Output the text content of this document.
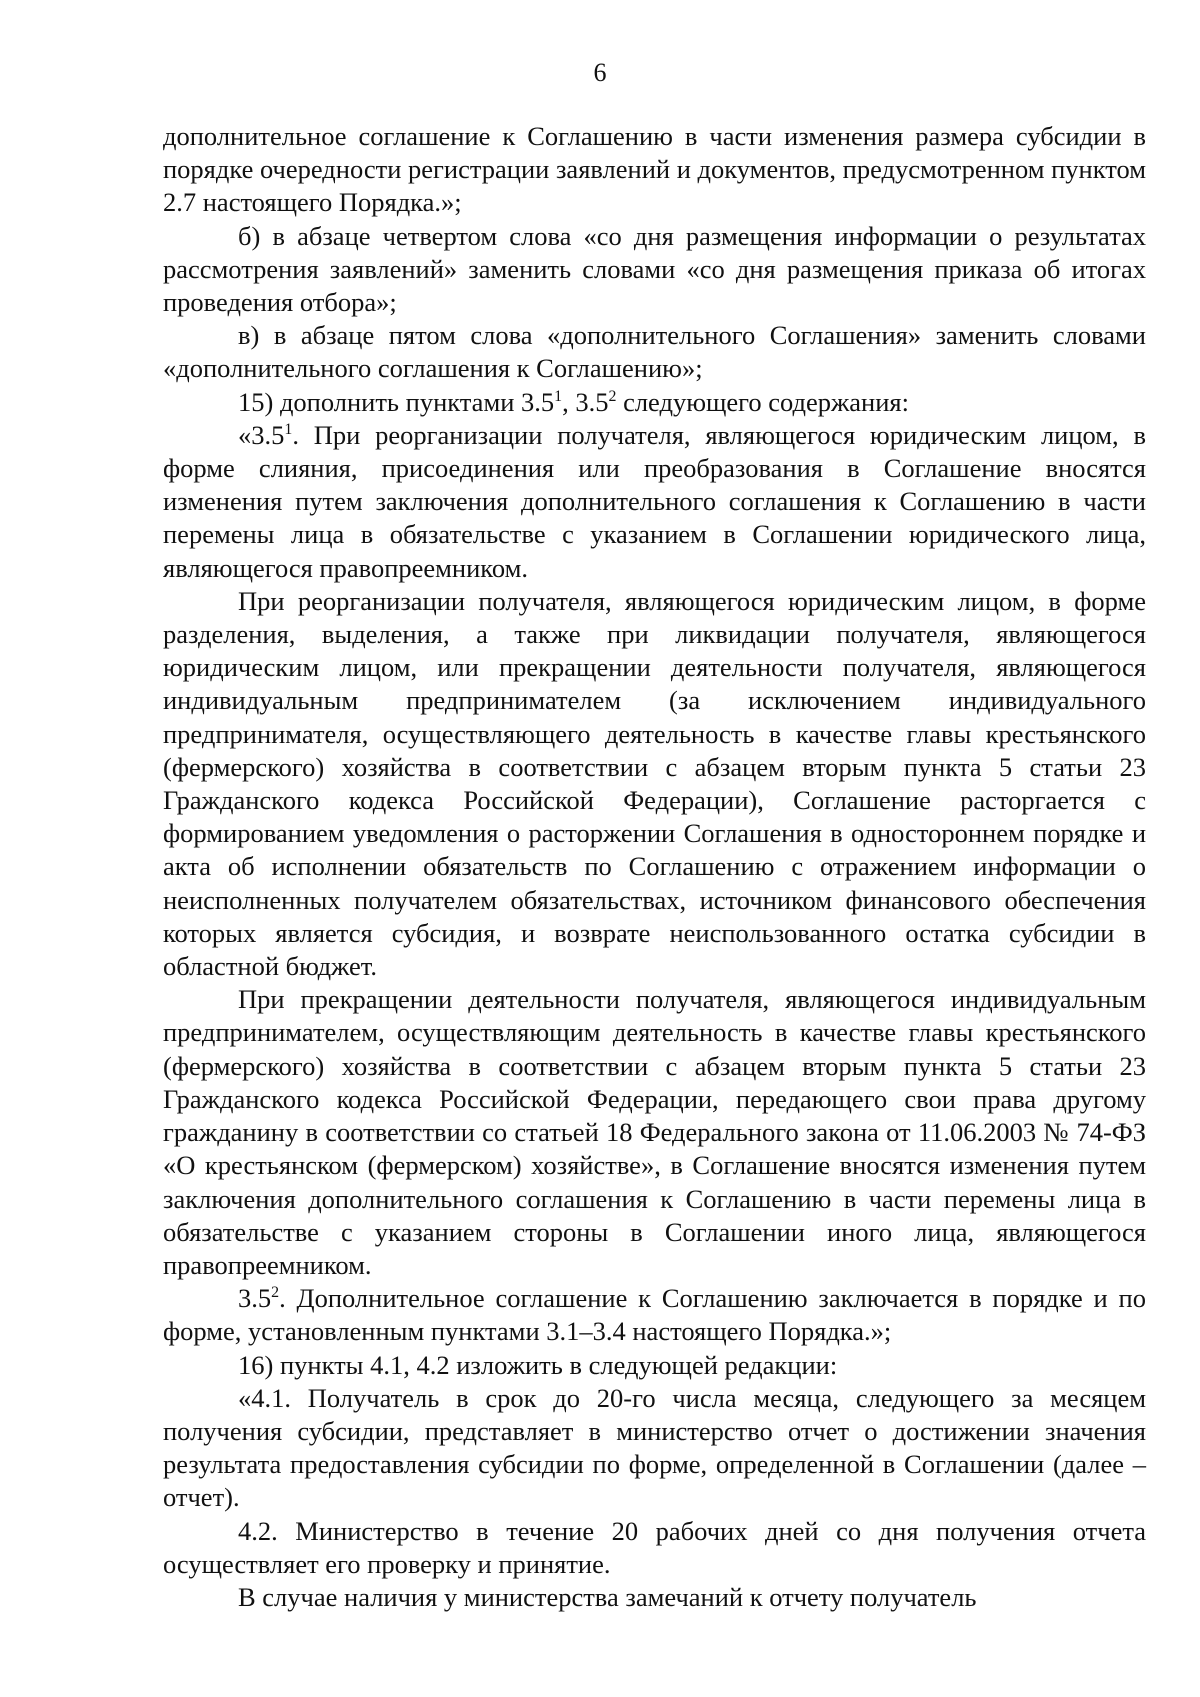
6

дополнительное соглашение к Соглашению в части изменения размера субсидии в порядке очередности регистрации заявлений и документов, предусмотренном пунктом 2.7 настоящего Порядка.»;

б) в абзаце четвертом слова «со дня размещения информации о результатах рассмотрения заявлений» заменить словами «со дня размещения приказа об итогах проведения отбора»;

в) в абзаце пятом слова «дополнительного Соглашения» заменить словами «дополнительного соглашения к Соглашению»;

15) дополнить пунктами $3.5^1$, $3.5^2$ следующего содержания:

«$3.5^1$. При реорганизации получателя, являющегося юридическим лицом, в форме слияния, присоединения или преобразования в Соглашение вносятся изменения путем заключения дополнительного соглашения к Соглашению в части перемены лица в обязательстве с указанием в Соглашении юридического лица, являющегося правопреемником.

При реорганизации получателя, являющегося юридическим лицом, в форме разделения, выделения, а также при ликвидации получателя, являющегося юридическим лицом, или прекращении деятельности получателя, являющегося индивидуальным предпринимателем (за исключением индивидуального предпринимателя, осуществляющего деятельность в качестве главы крестьянского (фермерского) хозяйства в соответствии с абзацем вторым пункта 5 статьи 23 Гражданского кодекса Российской Федерации), Соглашение расторгается с формированием уведомления о расторжении Соглашения в одностороннем порядке и акта об исполнении обязательств по Соглашению с отражением информации о неисполненных получателем обязательствах, источником финансового обеспечения которых является субсидия, и возврате неиспользованного остатка субсидии в областной бюджет.

При прекращении деятельности получателя, являющегося индивидуальным предпринимателем, осуществляющим деятельность в качестве главы крестьянского (фермерского) хозяйства в соответствии с абзацем вторым пункта 5 статьи 23 Гражданского кодекса Российской Федерации, передающего свои права другому гражданину в соответствии со статьей 18 Федерального закона от 11.06.2003 № 74-ФЗ «О крестьянском (фермерском) хозяйстве», в Соглашение вносятся изменения путем заключения дополнительного соглашения к Соглашению в части перемены лица в обязательстве с указанием стороны в Соглашении иного лица, являющегося правопреемником.

$3.5^2$. Дополнительное соглашение к Соглашению заключается в порядке и по форме, установленным пунктами 3.1–3.4 настоящего Порядка.»;

16) пункты 4.1, 4.2 изложить в следующей редакции:

«4.1. Получатель в срок до 20-го числа месяца, следующего за месяцем получения субсидии, представляет в министерство отчет о достижении значения результата предоставления субсидии по форме, определенной в Соглашении (далее – отчет).

4.2. Министерство в течение 20 рабочих дней со дня получения отчета осуществляет его проверку и принятие.

В случае наличия у министерства замечаний к отчету получатель
